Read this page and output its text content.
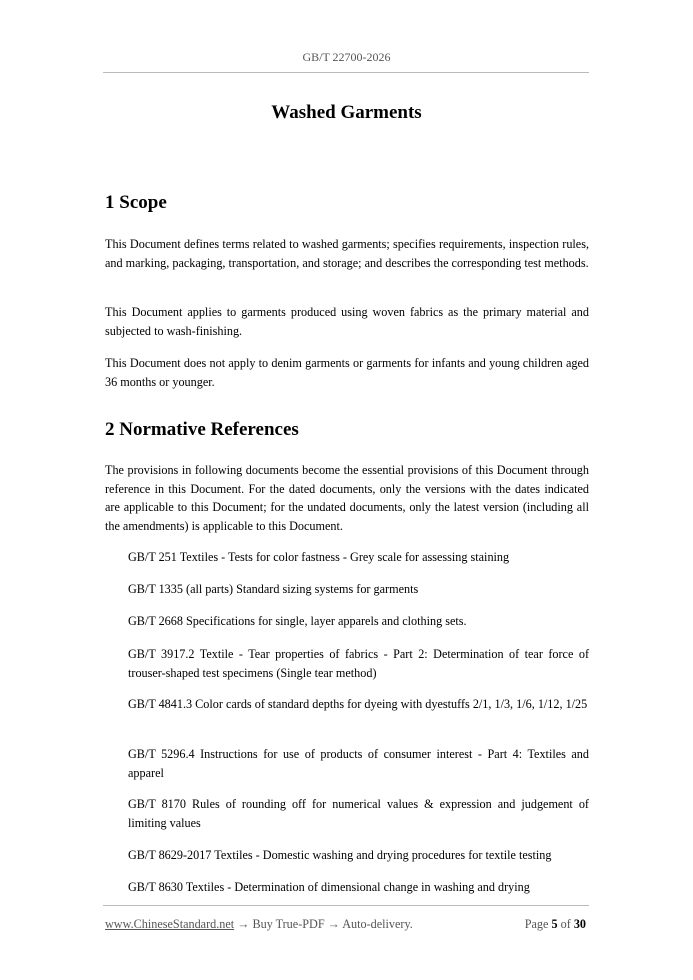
GB/T 22700-2026
Washed Garments
1 Scope
This Document defines terms related to washed garments; specifies requirements, inspection rules, and marking, packaging, transportation, and storage; and describes the corresponding test methods.
This Document applies to garments produced using woven fabrics as the primary material and subjected to wash-finishing.
This Document does not apply to denim garments or garments for infants and young children aged 36 months or younger.
2 Normative References
The provisions in following documents become the essential provisions of this Document through reference in this Document. For the dated documents, only the versions with the dates indicated are applicable to this Document; for the undated documents, only the latest version (including all the amendments) is applicable to this Document.
GB/T 251 Textiles - Tests for color fastness - Grey scale for assessing staining
GB/T 1335 (all parts) Standard sizing systems for garments
GB/T 2668 Specifications for single, layer apparels and clothing sets.
GB/T 3917.2 Textile - Tear properties of fabrics - Part 2: Determination of tear force of trouser-shaped test specimens (Single tear method)
GB/T 4841.3 Color cards of standard depths for dyeing with dyestuffs 2/1, 1/3, 1/6, 1/12, 1/25
GB/T 5296.4 Instructions for use of products of consumer interest - Part 4: Textiles and apparel
GB/T 8170 Rules of rounding off for numerical values & expression and judgement of limiting values
GB/T 8629-2017 Textiles - Domestic washing and drying procedures for textile testing
GB/T 8630 Textiles - Determination of dimensional change in washing and drying
www.ChineseStandard.net → Buy True-PDF → Auto-delivery.	Page 5 of 30
